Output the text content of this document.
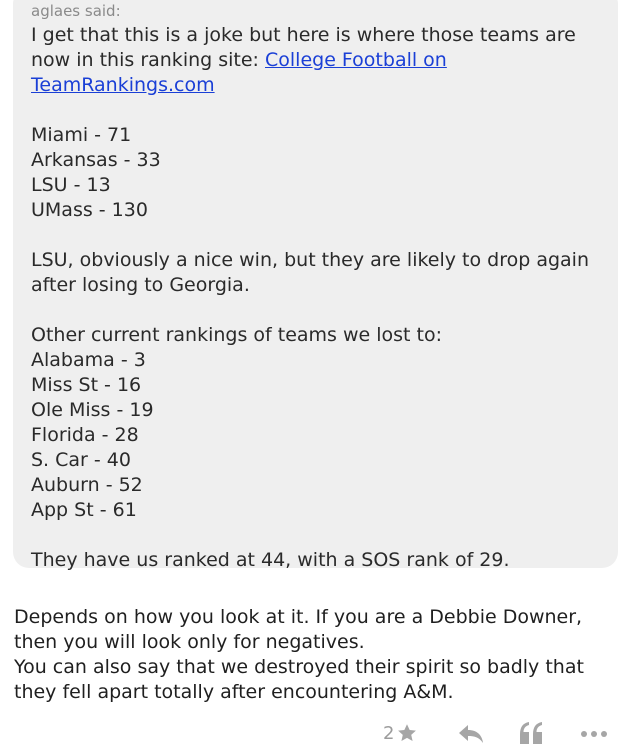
aglaes said:

I get that this is a joke but here is where those teams are now in this ranking site: College Football on TeamRankings.com

Miami - 71

Arkansas - 33

LSU - 13

UMass - 130

LSU, obviously a nice win, but they are likely to drop again after losing to Georgia.

Other current rankings of teams we lost to:

Alabama - 3

Miss St - 16

Ole Miss - 19

Florida - 28

S. Car - 40

Auburn - 52

App St - 61

They have us ranked at 44, with a SOS rank of 29.

Depends on how you look at it. If you are a Debbie Downer, then you will look only for negatives.

You can also say that we destroyed their spirit so badly that they fell apart totally after encountering A&M.

2
